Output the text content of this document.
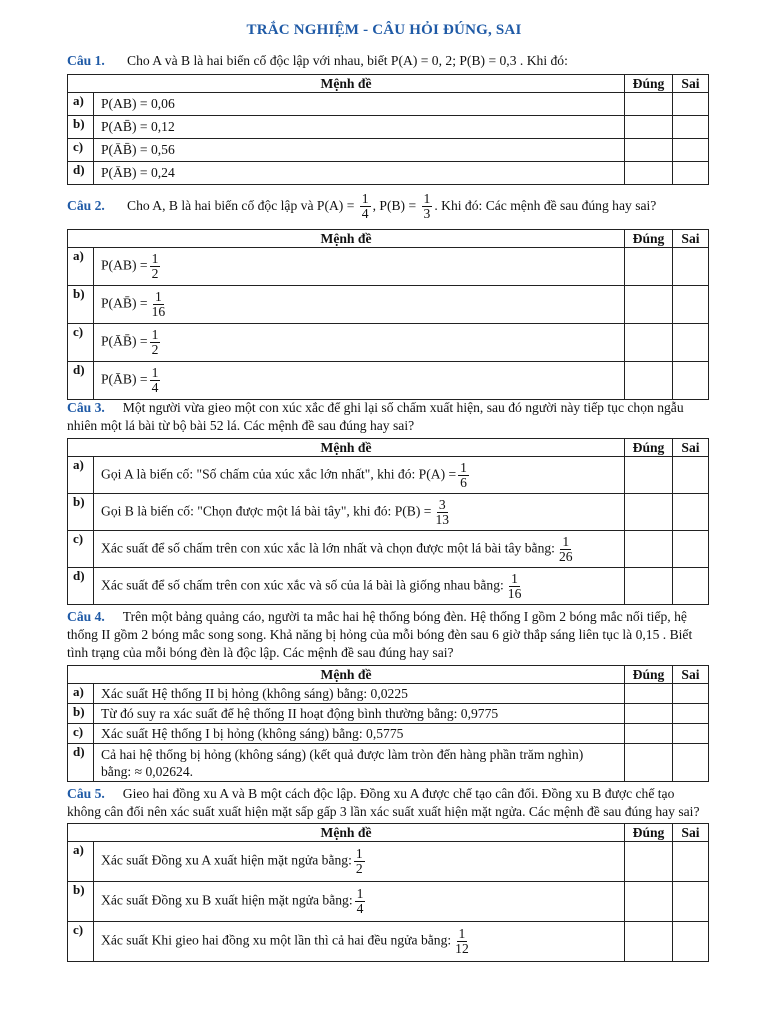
TRẮC NGHIỆM - CÂU HỎI ĐÚNG, SAI
Câu 1. Cho A và B là hai biến cố độc lập với nhau, biết P(A) = 0, 2; P(B) = 0,3 . Khi đó:
Mệnh đề		Đúng	Sai
a)	P(AB) = 0,06		
b)	P(AB̄) = 0,12		
c)	P(ĀB̄) = 0,56		
d)	P(ĀB) = 0,24		
Câu 2. Cho A, B là hai biến cố độc lập và $P(A) = \frac{1}{4}$ , $P(B) = \frac{1}{3}$ . Khi đó: Các mệnh đề sau đúng hay sai?
Mệnh đề		Đúng	Sai
a)	$P(AB) = \frac{1}{2}$

b)	P(AB̄) = $\frac{1}{16}$

c)	P(ĀB̄) = $\frac{1}{2}$

d)	P(ĀB) = $\frac{1}{4}$

Câu 3. Một người vừa gieo một con xúc xắc để ghi lại số chấm xuất hiện, sau đó người này tiếp tục chọn ngẫu
nhiên một lá bài từ bộ bài 52 lá. Các mệnh đề sau đúng hay sai?
Mệnh đề		Đúng	Sai
a)	Gọi A là biến cố: "Số chấm của xúc xắc lớn nhất", khi đó: $P(A) = \frac{1}{6}$

b)	Gọi B là biến cố: "Chọn được một lá bài tây", khi đó: $P(B) = \frac{3}{13}$

c)	Xác suất để số chấm trên con xúc xắc là lớn nhất và chọn được một lá bài tây bằng: $\frac{1}{26}$

d)	Xác suất để số chấm trên con xúc xắc và số của lá bài là giống nhau bằng: $\frac{1}{16}$

Câu 4. Trên một bảng quảng cáo, người ta mắc hai hệ thống bóng đèn. Hệ thống I gồm 2 bóng mắc nối tiếp, hệ
thống II gồm 2 bóng mắc song song. Khả năng bị hỏng của mỗi bóng đèn sau 6 giờ thắp sáng liên tục là 0,15 . Biết
tình trạng của mỗi bóng đèn là độc lập. Các mệnh đề sau đúng hay sai?
Mệnh đề		Đúng	Sai
a)	Xác suất Hệ thống II bị hỏng (không sáng) bằng: 0,0225		
b)	Từ đó suy ra xác suất để hệ thống II hoạt động bình thường bằng: 0,9775		
c)	Xác suất Hệ thống I bị hỏng (không sáng) bằng: 0,5775		
d)	Cả hai hệ thống bị hỏng (không sáng) (kết quả được làm tròn đến hàng phần trăm nghìn)
bằng: ≈ 0,02624.		
Câu 5. Gieo hai đồng xu A và B một cách độc lập. Đồng xu A được chế tạo cân đối. Đồng xu B được chế tạo
không cân đối nên xác suất xuất hiện mặt sấp gấp 3 lần xác suất xuất hiện mặt ngửa. Các mệnh đề sau đúng hay sai?
Mệnh đề		Đúng	Sai
a)	Xác suất Đồng xu A xuất hiện mặt ngửa bằng: $\frac{1}{2}$

b)	Xác suất Đồng xu B xuất hiện mặt ngửa bằng: $\frac{1}{4}$

c)	Xác suất Khi gieo hai đồng xu một lần thì cả hai đều ngửa bằng: $\frac{1}{12}$
